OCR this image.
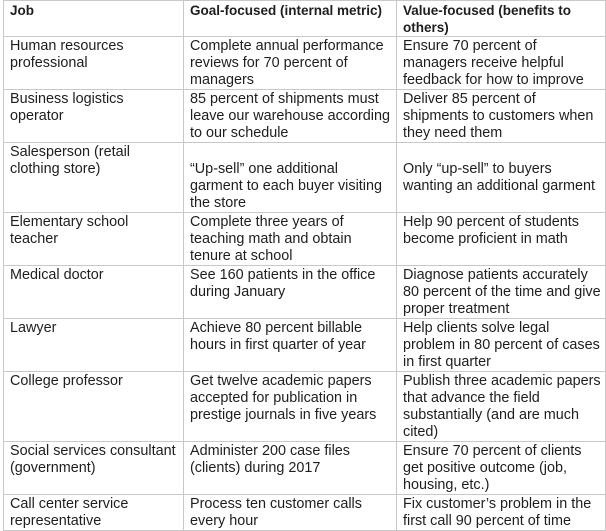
Job	Goal-focused (internal metric)	Value-focused (benefits to others)
Human resources professional	Complete annual performance reviews for 70 percent of managers	Ensure 70 percent of managers receive helpful feedback for how to improve
Business logistics operator	85 percent of shipments must leave our warehouse according to our schedule	Deliver 85 percent of shipments to customers when they need them
Salesperson (retail clothing store)	“Up-sell” one additional garment to each buyer visiting the store	Only “up-sell” to buyers wanting an additional garment

Elementary school teacher	Complete three years of teaching math and obtain tenure at school	Help 90 percent of students become proficient in math
Medical doctor	See 160 patients in the office during January	Diagnose patients accurately 80 percent of the time and give proper treatment
Lawyer	Achieve 80 percent billable hours in first quarter of year	Help clients solve legal problem in 80 percent of cases in first quarter
College professor	Get twelve academic papers accepted for publication in prestige journals in five years	Publish three academic papers that advance the field substantially (and are much cited)
Social services consultant (government)	Administer 200 case files (clients) during 2017	Ensure 70 percent of clients get positive outcome (job, housing, etc.)
Call center service representative	Process ten customer calls every hour	Fix customer’s problem in the first call 90 percent of time
